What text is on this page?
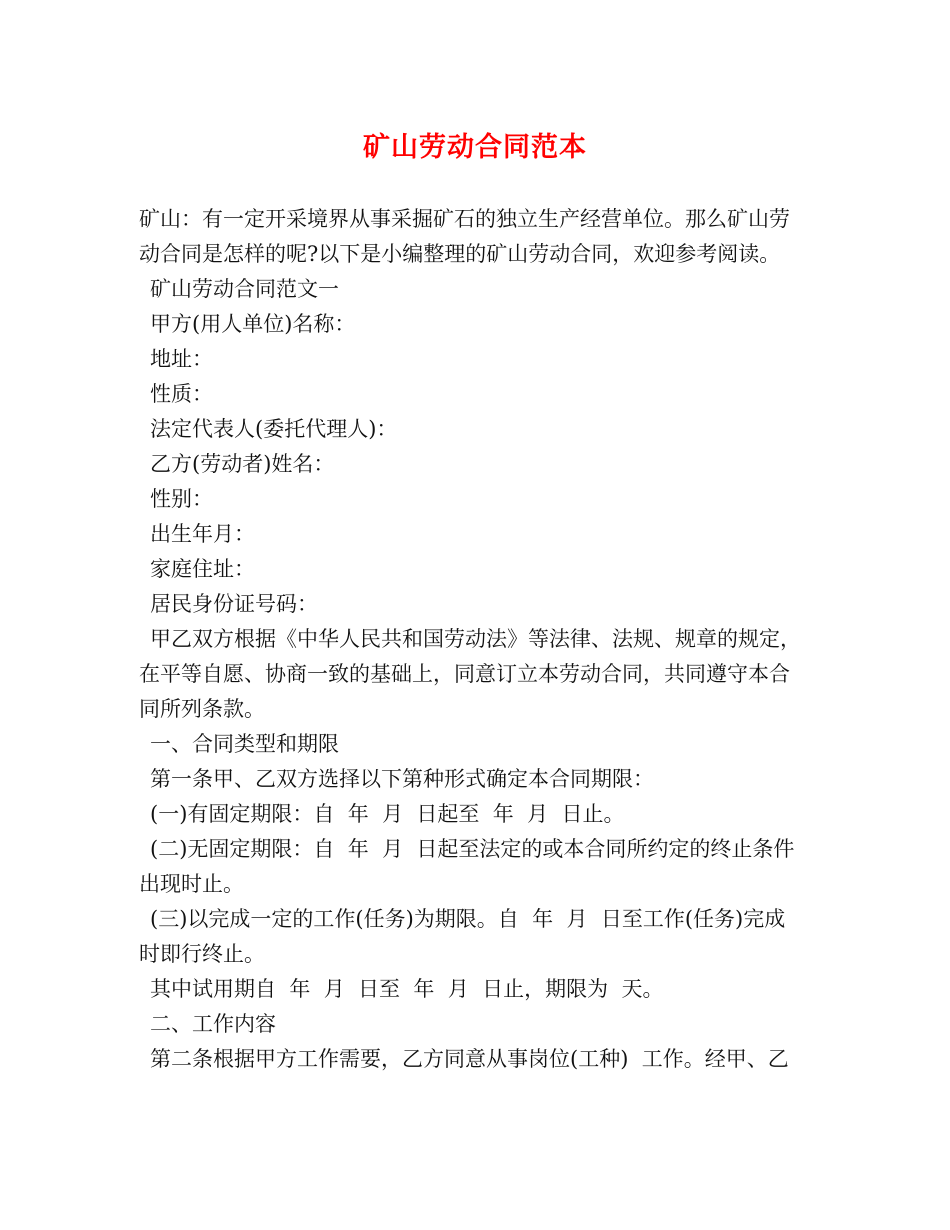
矿山劳动合同范本

矿山：有一定开采境界从事采掘矿石的独立生产经营单位。那么矿山劳

动合同是怎样的呢?以下是小编整理的矿山劳动合同，欢迎参考阅读。

矿山劳动合同范文一

甲方(用人单位)名称：

地址：

性质：

法定代表人(委托代理人)：

乙方(劳动者)姓名：

性别：

出生年月：

家庭住址：

居民身份证号码：

甲乙双方根据《中华人民共和国劳动法》等法律、法规、规章的规定，

在平等自愿、协商一致的基础上，同意订立本劳动合同，共同遵守本合

同所列条款。

一、合同类型和期限

第一条甲、乙双方选择以下第种形式确定本合同期限：

(一)有固定期限：自  年  月  日起至  年  月  日止。

(二)无固定期限：自  年  月  日起至法定的或本合同所约定的终止条件

出现时止。

(三)以完成一定的工作(任务)为期限。自  年  月  日至工作(任务)完成

时即行终止。

其中试用期自  年  月  日至  年  月  日止，期限为  天。

二、工作内容

第二条根据甲方工作需要，乙方同意从事岗位(工种)  工作。经甲、乙
